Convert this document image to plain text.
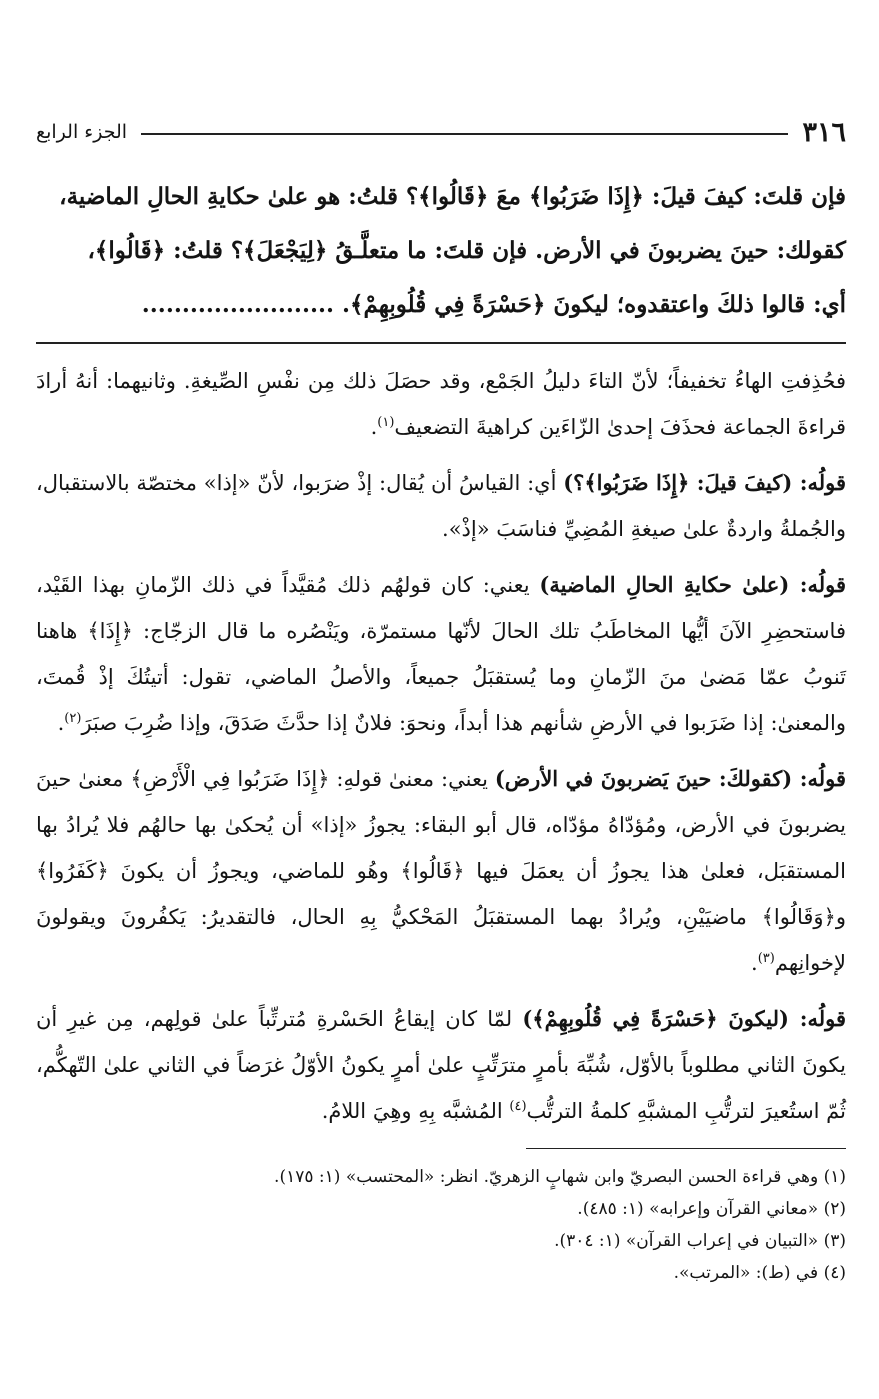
٣١٦
الجزء الرابع

فإن قلتَ: كيفَ قيلَ: ﴿إِذَا ضَرَبُوا﴾ معَ ﴿قَالُوا﴾؟ قلتُ: هو علىٰ حكايةِ الحالِ الماضية،

كقولك: حينَ يضربونَ في الأرض. فإن قلتَ: ما متعلَّـقُ ﴿لِيَجْعَلَ﴾؟ قلتُ: ﴿قَالُوا﴾،

أي: قالوا ذلكَ واعتقدوه؛ ليكونَ ﴿حَسْرَةً فِي قُلُوبِهِمْ﴾. ........................

فحُذِفتِ الهاءُ تخفيفاً؛ لأنّ التاءَ دليلُ الجَمْع، وقد حصَلَ ذلك مِن نفْسِ الصِّيغةِ. وثانيهما: أنهُ أرادَ قراءةَ الجماعة فحذَفَ إحدىٰ الزّاءَين كراهيةَ التضعيف$^{(١)}$.

قولُه: (كيفَ قيلَ: ﴿إِذَا ضَرَبُوا﴾؟) أي: القياسُ أن يُقال: إذْ ضرَبوا، لأنّ «إذا» مختصّة بالاستقبال، والجُملةُ واردةٌ علىٰ صيغةِ المُضِيِّ فناسَبَ «إذْ».

قولُه: (علىٰ حكايةِ الحالِ الماضية) يعني: كان قولهُم ذلك مُقيَّداً في ذلك الزّمانِ بهذا القَيْد، فاستحضِرِ الآنَ أيُّها المخاطَبُ تلك الحالَ لأنّها مستمرّة، ويَنْصُره ما قال الزجّاج: ﴿إِذَا﴾ هاهنا تَنوبُ عمّا مَضىٰ منَ الزّمانِ وما يُستقبَلُ جميعاً، والأصلُ الماضي، تقول: أتيتُكَ إذْ قُمتَ، والمعنىٰ: إذا ضَرَبوا في الأرضِ شأنهم هذا أبداً، ونحوَ: فلانٌ إذا حدَّثَ صَدَقَ، وإذا ضُرِبَ صبَرَ$^{(٢)}$.

قولُه: (كقولكَ: حينَ يَضربونَ في الأرض) يعني: معنىٰ قولهِ: ﴿إِذَا ضَرَبُوا فِي الْأَرْضِ﴾ معنىٰ حينَ يضربونَ في الأرض، ومُؤدّاهُ مؤدّاه، قال أبو البقاء: يجوزُ «إذا» أن يُحكىٰ بها حالهُم فلا يُرادُ بها المستقبَل، فعلىٰ هذا يجوزُ أن يعمَلَ فيها ﴿قَالُوا﴾ وهُو للماضي، ويجوزُ أن يكونَ ﴿كَفَرُوا﴾ و﴿وَقَالُوا﴾ ماضيَيْنِ، ويُرادُ بهما المستقبَلُ المَحْكيُّ بِهِ الحال، فالتقديرُ: يَكفُرونَ ويقولونَ لإخوانِهم$^{(٣)}$.

قولُه: (ليكونَ ﴿حَسْرَةً فِي قُلُوبِهِمْ﴾) لمّا كان إيقاعُ الحَسْرةِ مُترتِّباً علىٰ قولِهم، مِن غيرِ أن يكونَ الثاني مطلوباً بالأوّل، شُبِّهَ بأمرٍ مترَتِّبٍ علىٰ أمرٍ يكونُ الأوّلُ غرَضاً في الثاني علىٰ التّهكُّم، ثُمّ استُعيرَ لترتُّبِ المشبَّهِ كلمةُ الترتُّب$^{(٤)}$ المُشبَّه بِهِ وهِيَ اللامُ.

(١) وهي قراءة الحسن البصريّ وابن شهابٍ الزهريّ. انظر: «المحتسب» (١: ١٧٥).
(٢) «معاني القرآن وإعرابه» (١: ٤٨٥).
(٣) «التبيان في إعراب القرآن» (١: ٣٠٤).
(٤) في (ط): «المرتب».
